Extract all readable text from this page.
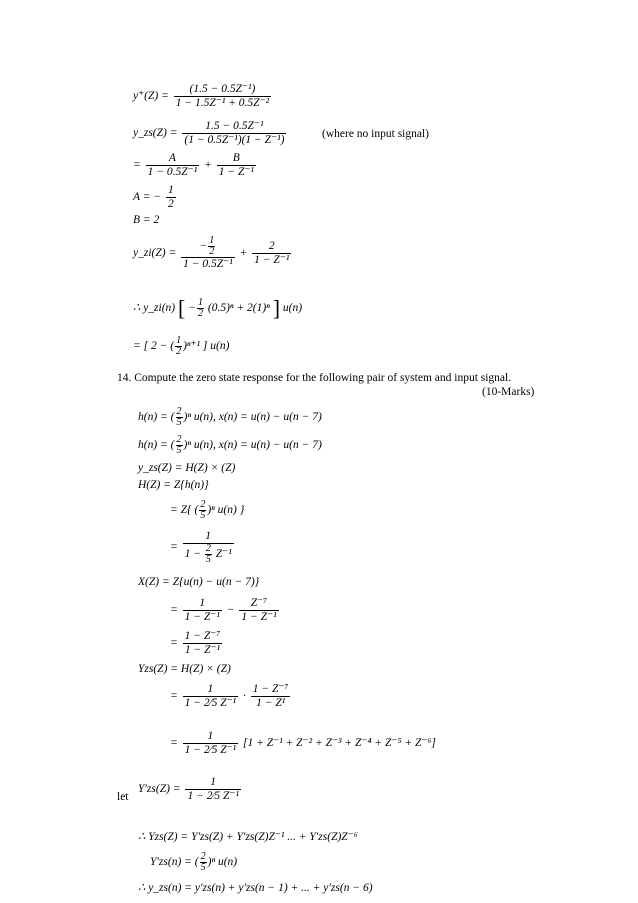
$y^+(Z) = \frac{\text{(1.5 − 0.5Z⁻¹)}}{\text{1 − 1.5Z⁻¹ + 0.5Z⁻²}}$
y_zs(Z) = $\frac{\text{1.5 − 0.5Z⁻¹}}{\text{(1 − 0.5Z⁻¹)(1 − Z⁻¹)}}$	(where no input signal)
= $\frac{A}{\text{1 − 0.5Z⁻¹}} + \frac{B}{\text{1 − Z⁻¹}}$
A = − $\frac{1}{2}$
B = 2
y_zi(Z) = $\frac{- \frac{1}{2}}{\text{1 − 0.5Z⁻¹}} + \frac{2}{\text{1 − Z⁻¹}}$
∴ y_zi(n) [ − $\frac{1}{2} (0.5)^n + 2(1)^n$ ] u(n)
= [ 2 − ( $\frac{1}{2} )^{n+1}$ ] u(n)
14. Compute the zero state response for the following pair of system and input signal.
(10-Marks)
h(n) = ( $\frac{2}{5} )^n$ u(n), x(n) = u(n) − u(n − 7)
h(n) = ( $\frac{2}{5} )^n$ u(n), x(n) = u(n) − u(n − 7)
y_zs(Z) = H(Z) × (Z)
H(Z) = Z{h(n)}
= Z{ ( $\frac{2}{5} )^n$ u(n) }
= $\frac{1}{1 - \frac{2}{5} Z^{-1}}$
X(Z) = Z{u(n) − u(n − 7)}
= $\frac{1}{\text{1 − Z⁻¹}} - \frac{\text{Z⁻⁷}}{\text{1 − Z⁻¹}}$
= $\frac{\text{1 − Z⁻⁷}}{\text{1 − Z⁻¹}}$
Yzs(Z) = H(Z) × (Z)
= $\frac{1}{\text{1 − 2⁄5 Z⁻¹}} \cdot \frac{\text{1 − Z⁻⁷}}{\text{1 − Z¹}}$
= $\frac{1}{\text{1 − 2⁄5 Z⁻¹}} [1 + Z^{-1} + Z^{-2} + Z^{-3} + Z^{-4} + Z^{-5} + Z^{-6}]$
let
$Y'zs(Z) = \frac{1}{\text{1 − 2⁄5 Z⁻¹}}$
∴ Yzs(Z) = Y′zs(Z) + Y′zs(Z)Z⁻¹ ... + Y′zs(Z)Z⁻⁶
Y′zs(n) = ( $\frac{2}{5} )^n$ u(n)
∴ y_zs(n) = y′zs(n) + y′zs(n − 1) + ... + y′zs(n − 6)
